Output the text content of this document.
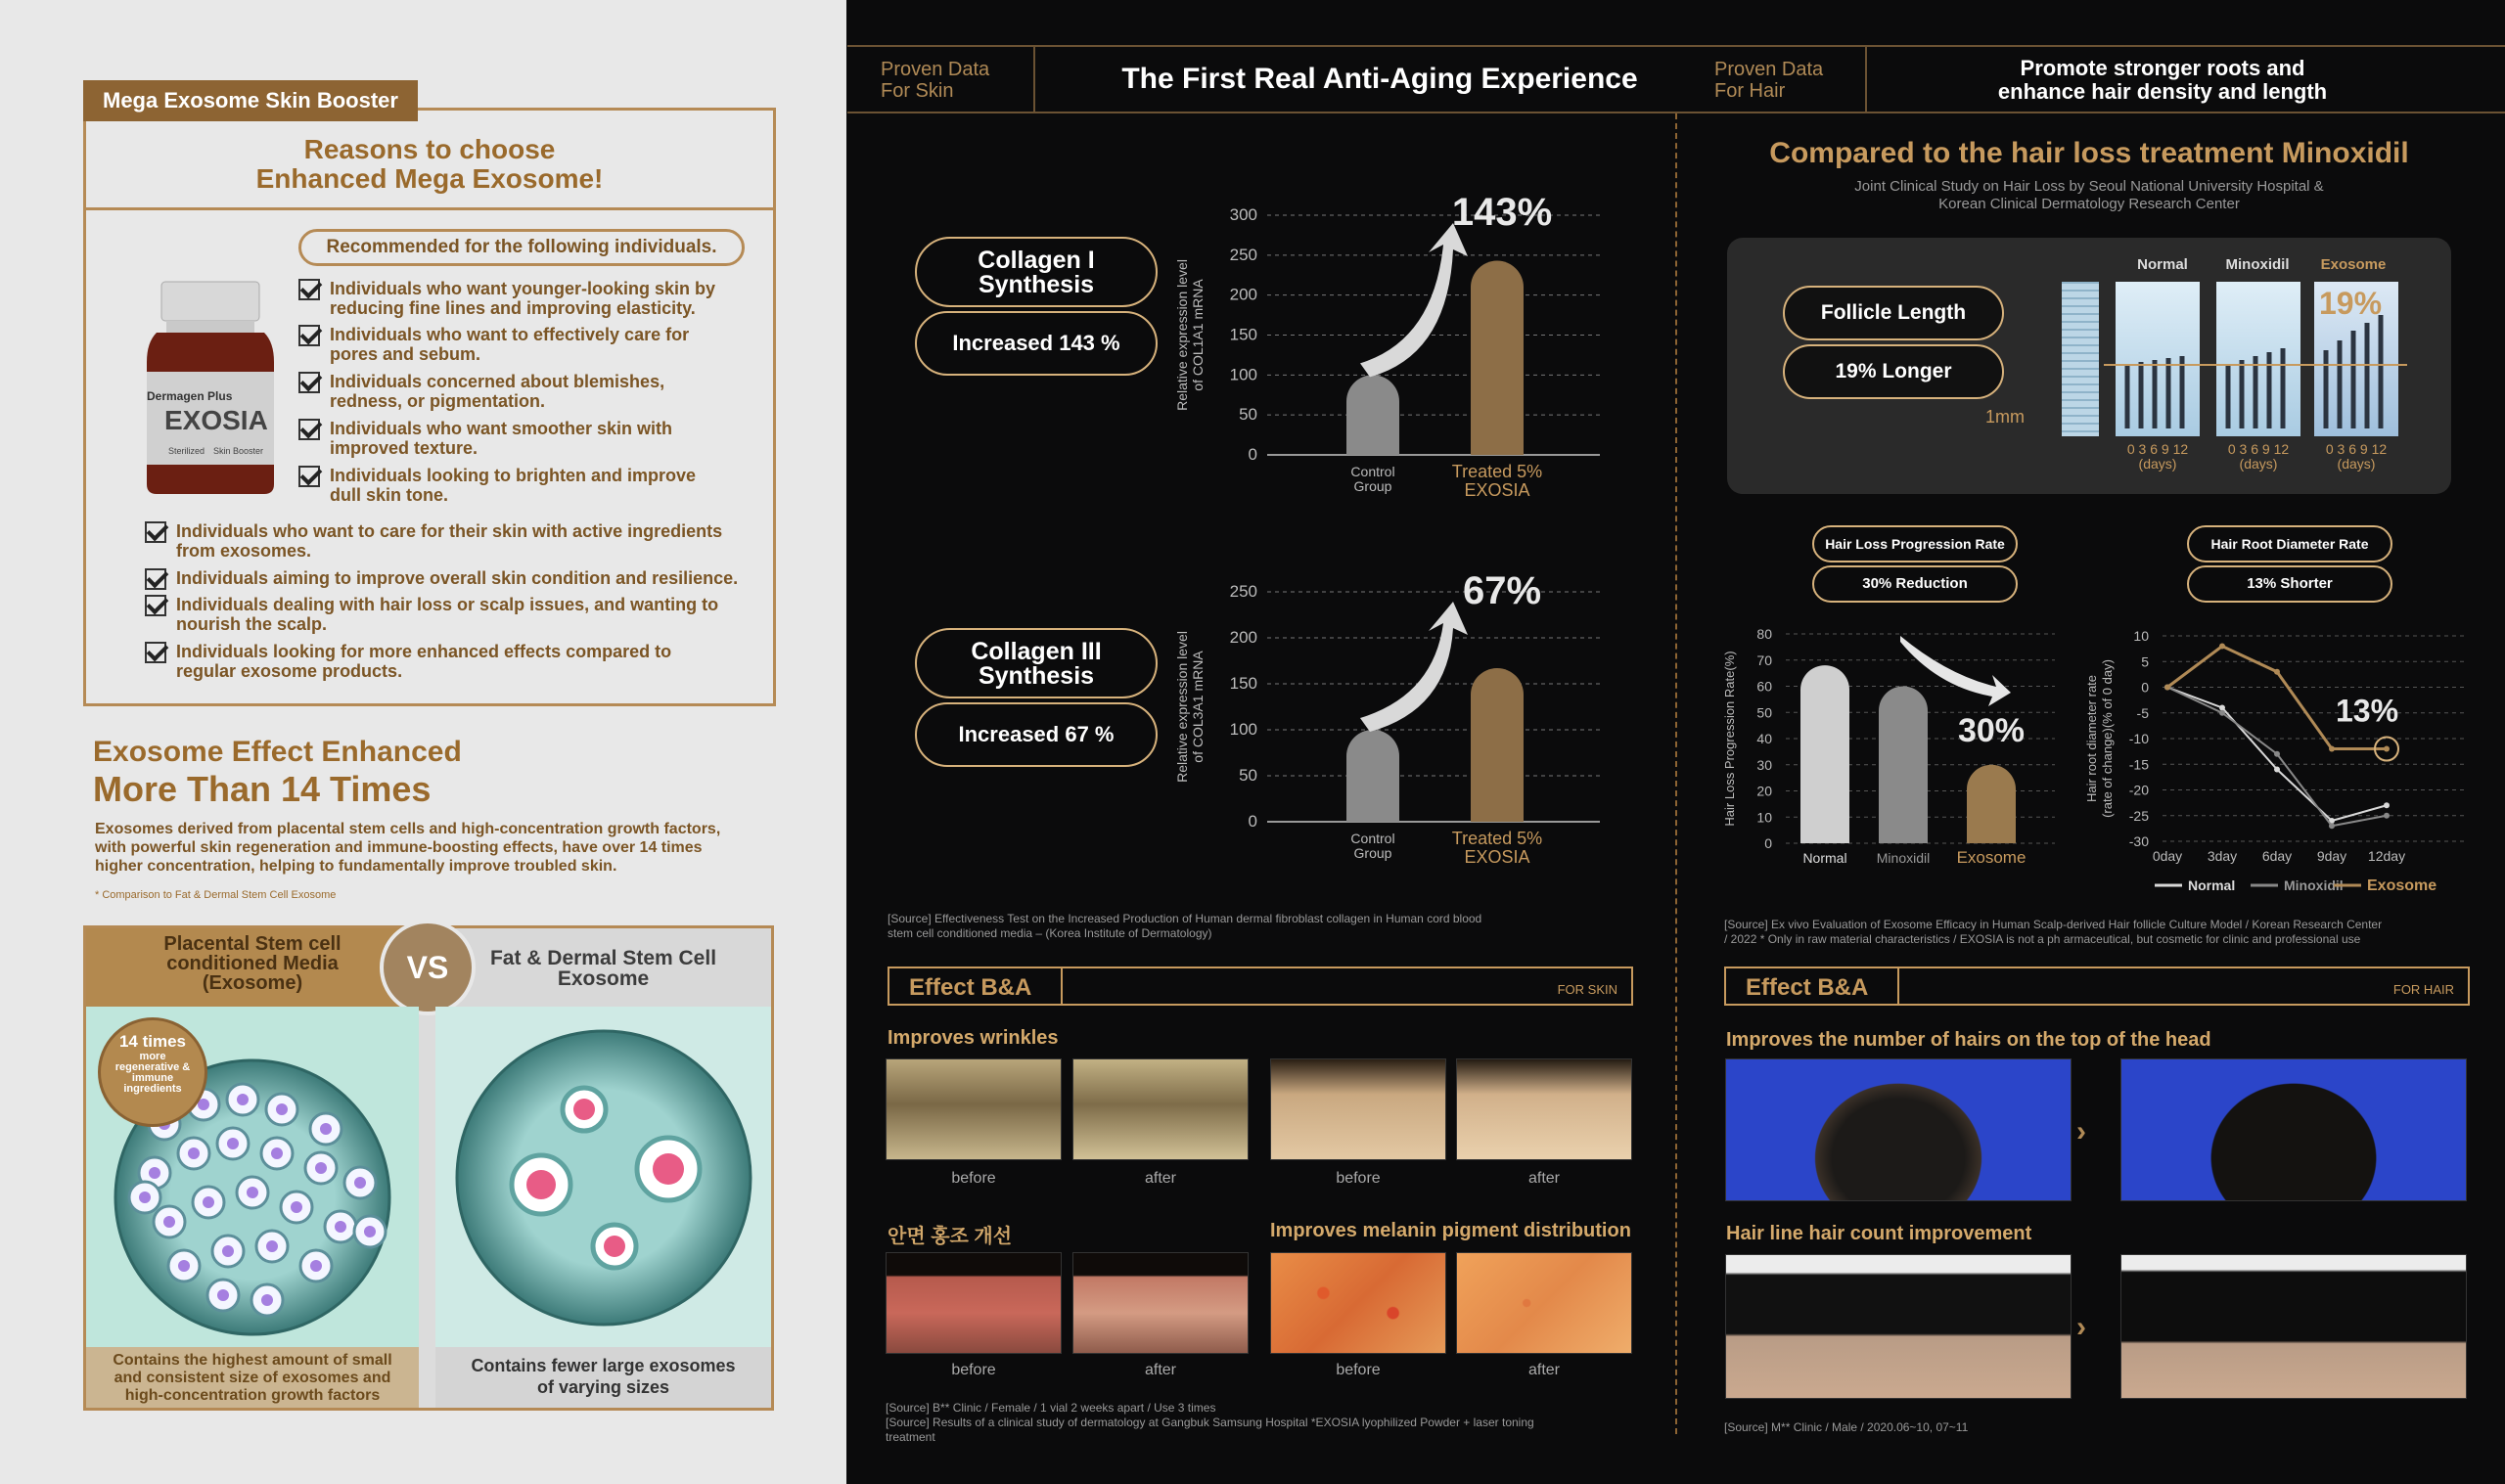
Mega Exosome Skin Booster
Reasons to choose
Enhanced Mega Exosome!
Recommended for the following individuals.
Dermagen Plus
EXOSIA
Sterilized Skin Booster
Individuals who want younger-looking skin by
reducing fine lines and improving elasticity.
Individuals who want to effectively care for
pores and sebum.
Individuals concerned about blemishes,
redness, or pigmentation.
Individuals who want smoother skin with
improved texture.
Individuals looking to brighten and improve
dull skin tone.
Individuals who want to care for their skin with active ingredients
from exosomes.
Individuals aiming to improve overall skin condition and resilience.
Individuals dealing with hair loss or scalp issues, and wanting to
nourish the scalp.
Individuals looking for more enhanced effects compared to
regular exosome products.
Exosome Effect Enhanced
More Than 14 Times
Exosomes derived from placental stem cells and high-concentration growth factors,
with powerful skin regeneration and immune-boosting effects, have over 14 times
higher concentration, helping to fundamentally improve troubled skin.
* Comparison to Fat & Dermal Stem Cell Exosome
Placental Stem cell
conditioned Media
(Exosome)
Fat & Dermal Stem Cell
Exosome
VS
14 times
more
regenerative &
immune
ingredients
Contains the highest amount of small
and consistent size of exosomes and
high-concentration growth factors
Contains fewer large exosomes
of varying sizes
Proven Data
For Skin	The First Real Anti-Aging Experience	Proven Data
For Hair
Promote stronger roots and
enhance hair density and length
Collagen I
Synthesis
Increased 143 %
Collagen III
Synthesis
Increased 67 %
0
50
100
150
200
250
300
Relative expression level of COL1A1 mRNA
Control
Group
Treated 5%
EXOSIA
143%
0
50
100
150
200
250
Relative expression level of COL3A1 mRNA
Control
Group
Treated 5%
EXOSIA
67%
[Source] Effectiveness Test on the Increased Production of Human dermal fibroblast collagen in Human cord blood
stem cell conditioned media – (Korea Institute of Dermatology)
Effect B&A	FOR SKIN
Improves wrinkles
before	after	before	after
안면 홍조 개선	Improves melanin pigment distribution
before	after	before	after
[Source] B** Clinic / Female / 1 vial 2 weeks apart / Use 3 times
[Source] Results of a clinical study of dermatology at Gangbuk Samsung Hospital *EXOSIA lyophilized Powder + laser toning
treatment
Compared to the hair loss treatment Minoxidil
Joint Clinical Study on Hair Loss by Seoul National University Hospital &
Korean Clinical Dermatology Research Center
Follicle Length
19% Longer
1mm
Normal	Minoxidil	Exosome
19%
0 3 6 9 12
(days)
0 3 6 9 12
(days)
0 3 6 9 12
(days)
Hair Loss Progression Rate
30% Reduction
Hair Root Diameter Rate
13% Shorter
0
10
20
30
40
50
60
70
80
Hair Loss Progression Rate(%)
Normal Minoxidil Exosome
30%
10
5
0
-5
-10
-15
-20
-25
-30
Hair root diameter rate (rate of change)(% of 0 day)
0day 3day 6day 9day 12day
13%
Normal	Minoxidil Exosome
[Source] Ex vivo Evaluation of Exosome Efficacy in Human Scalp-derived Hair follicle Culture Model / Korean Research Center
/ 2022 * Only in raw material characteristics / EXOSIA is not a ph armaceutical, but cosmetic for clinic and professional use
Effect B&A	FOR HAIR
Improves the number of hairs on the top of the head
›
Hair line hair count improvement
›
[Source] M** Clinic / Male / 2020.06~10, 07~11
